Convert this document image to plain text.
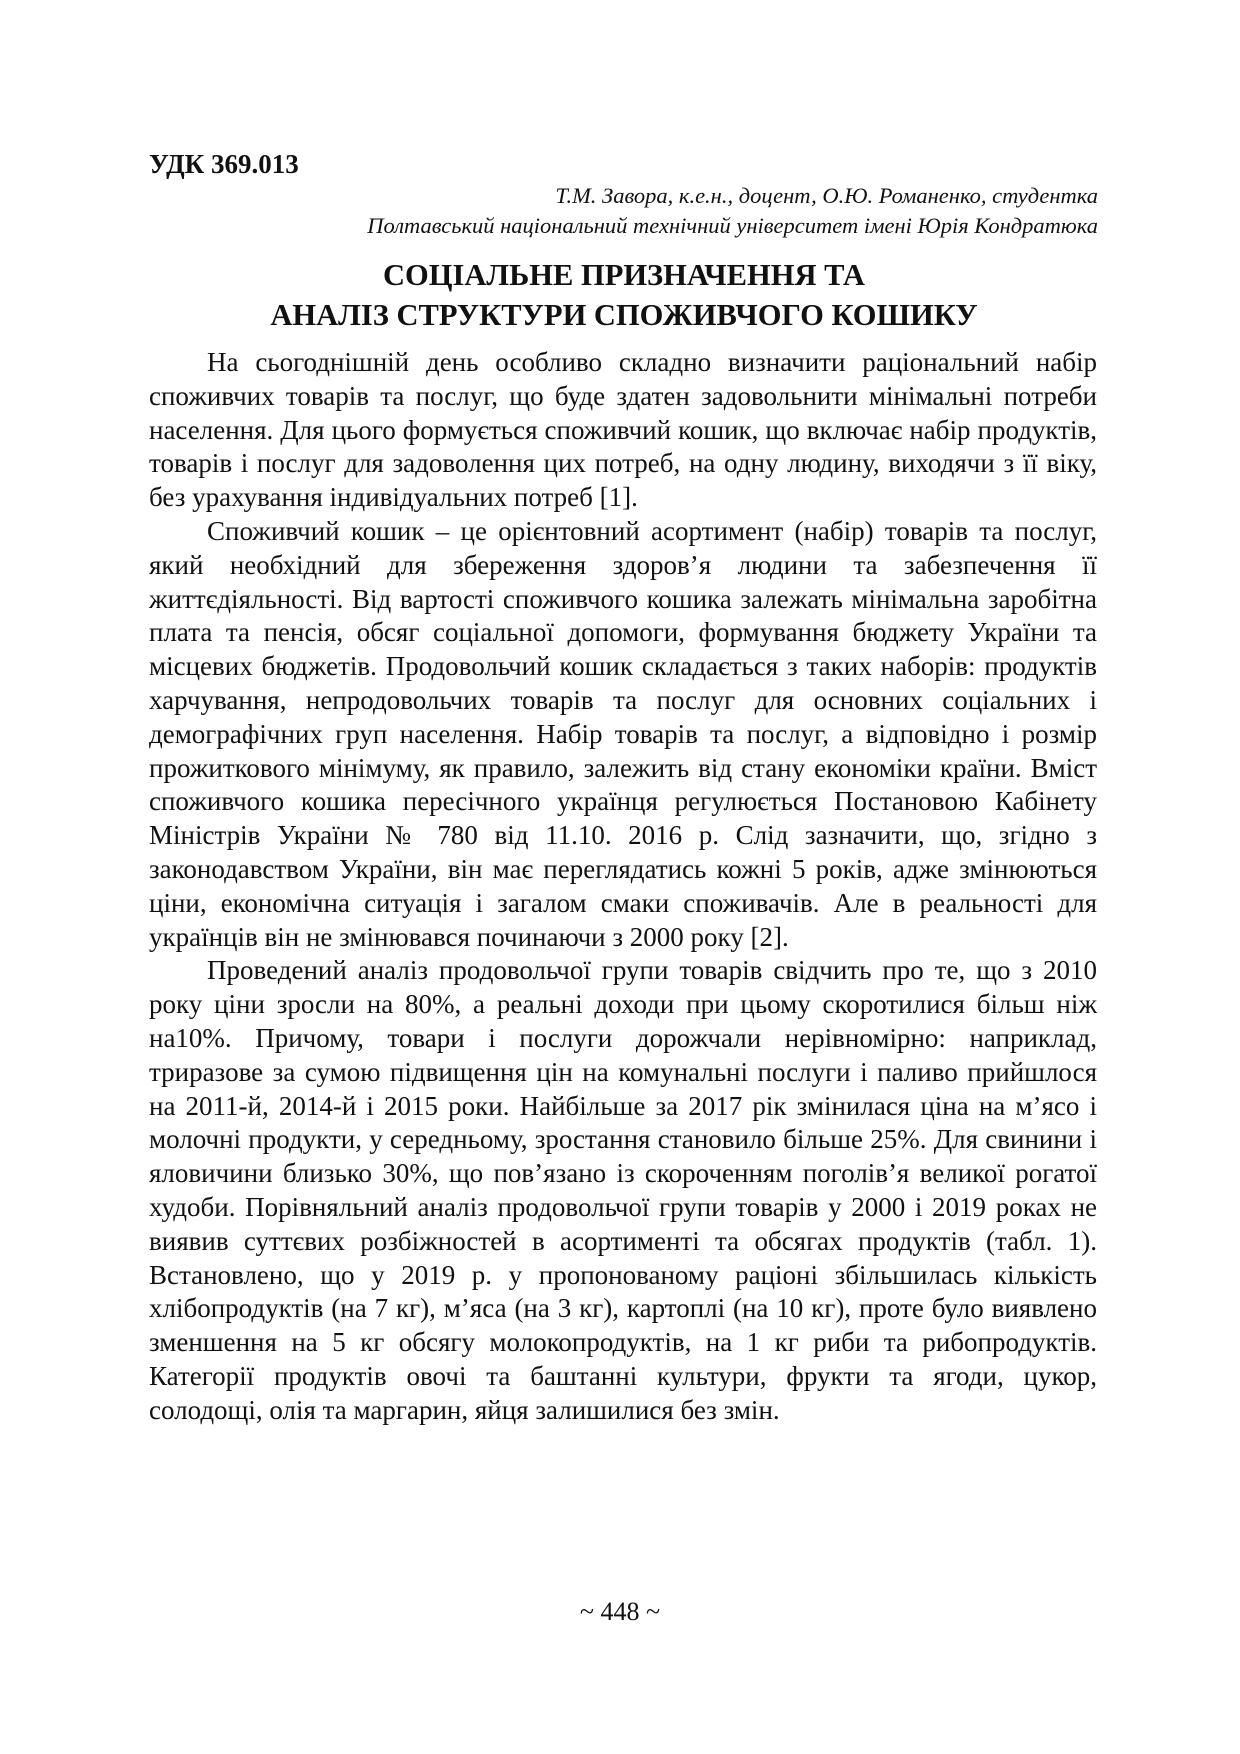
УДК 369.013

Т.М. Завора, к.е.н., доцент, О.Ю. Романенко, студентка

Полтавський національний технічний університет імені Юрія Кондратюка

СОЦІАЛЬНЕ ПРИЗНАЧЕННЯ ТА
АНАЛІЗ СТРУКТУРИ СПОЖИВЧОГО КОШИКУ

На сьогоднішній день особливо складно визначити раціональний набір споживчих товарів та послуг, що буде здатен задовольнити мінімальні потреби населення. Для цього формується споживчий кошик, що включає набір продуктів, товарів і послуг для задоволення цих потреб, на одну людину, виходячи з її віку, без урахування індивідуальних потреб [1].

Споживчий кошик – це орієнтовний асортимент (набір) товарів та послуг, який необхідний для збереження здоров’я людини та забезпечення її життєдіяльності. Від вартості споживчого кошика залежать мінімальна заробітна плата та пенсія, обсяг соціальної допомоги, формування бюджету України та місцевих бюджетів. Продовольчий кошик складається з таких наборів: продуктів харчування, непродовольчих товарів та послуг для основних соціальних і демографічних груп населення. Набір товарів та послуг, а відповідно і розмір прожиткового мінімуму, як правило, залежить від стану економіки країни. Вміст споживчого кошика пересічного українця регулюється Постановою Кабінету Міністрів України № 780 від 11.10. 2016 р. Слід зазначити, що, згідно з законодавством України, він має переглядатись кожні 5 років, адже змінюються ціни, економічна ситуація і загалом смаки споживачів. Але в реальності для українців він не змінювався починаючи з 2000 року [2].

Проведений аналіз продовольчої групи товарів свідчить про те, що з 2010 року ціни зросли на 80%, а реальні доходи при цьому скоротилися більш ніж на10%. Причому, товари і послуги дорожчали нерівномірно: наприклад, триразове за сумою підвищення цін на комунальні послуги і паливо прийшлося на 2011-й, 2014-й і 2015 роки. Найбільше за 2017 рік змінилася ціна на м’ясо і молочні продукти, у середньому, зростання становило більше 25%. Для свинини і яловичини близько 30%, що пов’язано із скороченням поголів’я великої рогатої худоби. Порівняльний аналіз продовольчої групи товарів у 2000 і 2019 роках не виявив суттєвих розбіжностей в асортименті та обсягах продуктів (табл. 1). Встановлено, що у 2019 р. у пропонованому раціоні збільшилась кількість хлібопродуктів (на 7 кг), м’яса (на 3 кг), картоплі (на 10 кг), проте було виявлено зменшення на 5 кг обсягу молокопродуктів, на 1 кг риби та рибопродуктів. Категорії продуктів овочі та баштанні культури, фрукти та ягоди, цукор, солодощі, олія та маргарин, яйця залишилися без змін.

~ 448 ~
